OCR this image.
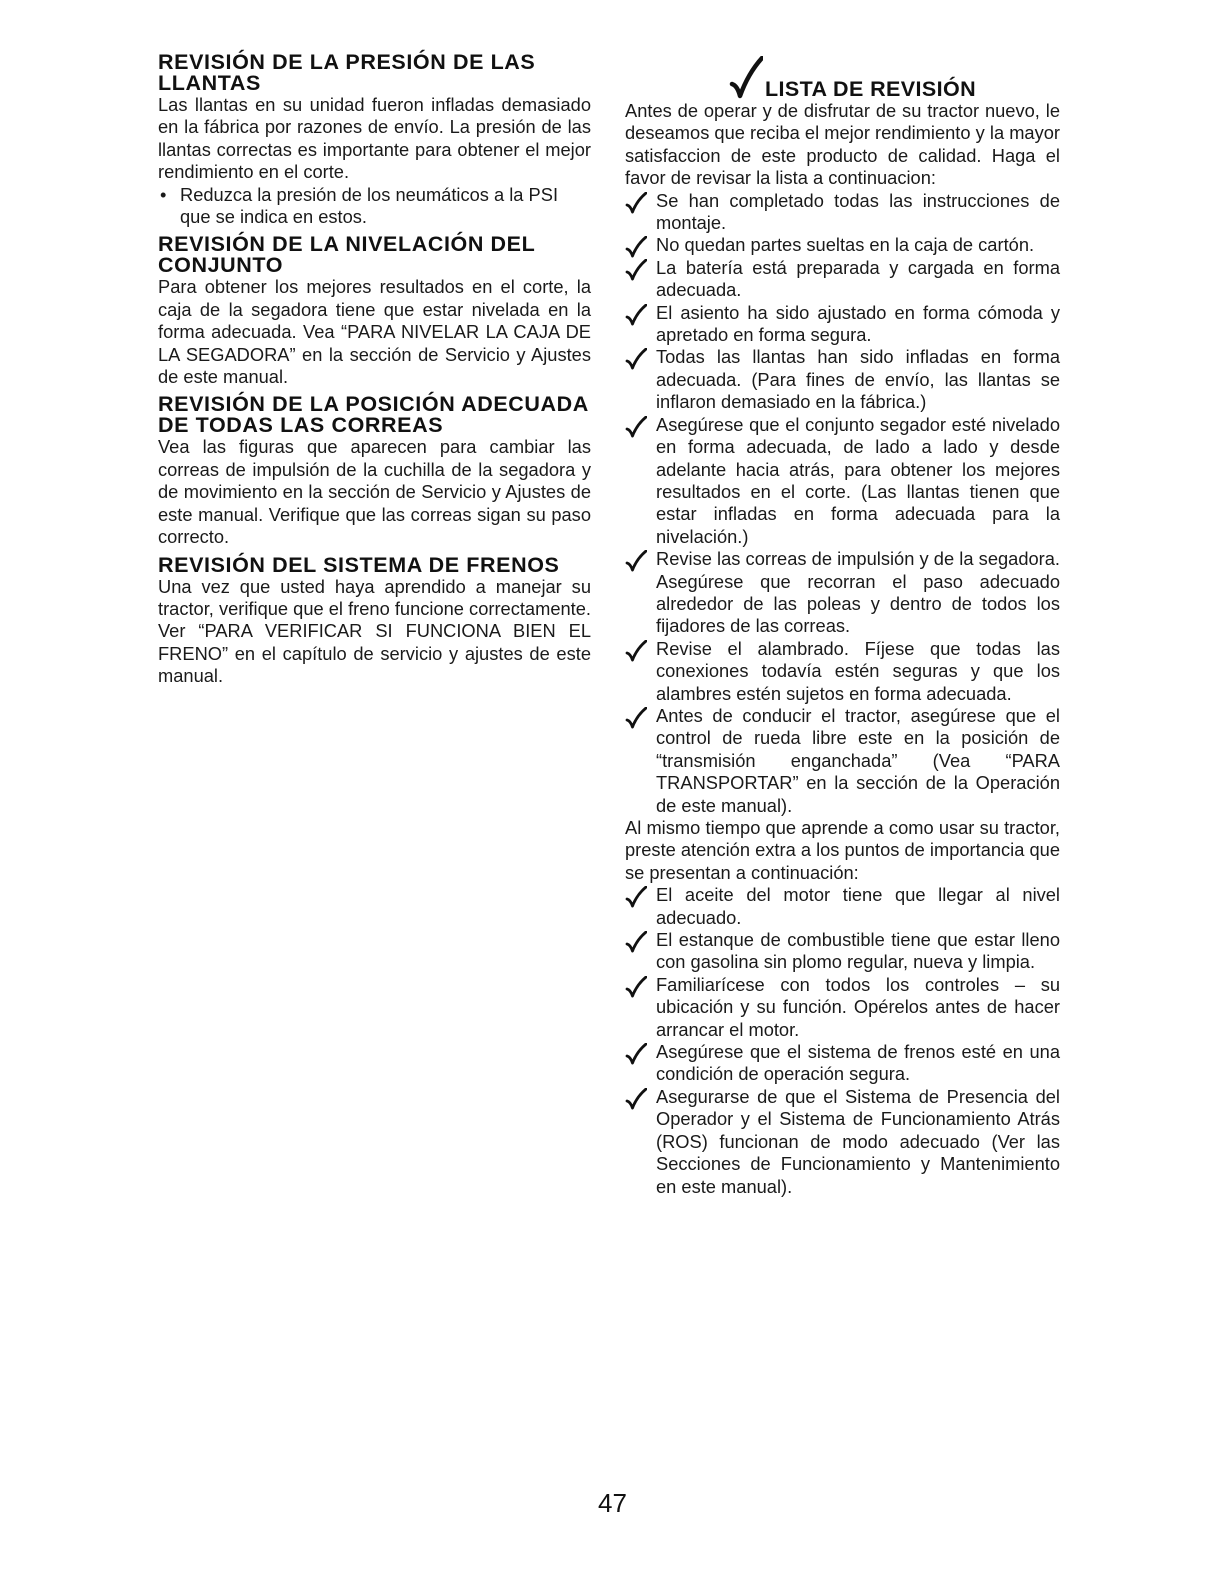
REVISIÓN DE LA PRESIÓN DE LAS LLANTAS

Las llantas en su unidad fueron infladas demasiado en la fábrica por razones de envío. La presión de las llantas correctas es importante para obtener el mejor rendimiento en el corte.

• Reduzca la presión de los neumáticos a la PSI que se indica en estos.
REVISIÓN DE LA NIVELACIÓN DEL CONJUNTO

Para obtener los mejores resultados en el corte, la caja de la segadora tiene que estar nivelada en la forma adecuada. Vea “PARA NIVELAR LA CAJA DE LA SEGADORA” en la sección de Servicio y Ajustes de este manual.

REVISIÓN DE LA POSICIÓN ADECUADA DE TODAS LAS CORREAS

Vea las figuras que aparecen para cambiar las correas de impulsión de la cuchilla de la segadora y de movimiento en la sección de Servicio y Ajustes de este manual. Verifique que las correas sigan su paso correcto.

REVISIÓN DEL SISTEMA DE FRENOS

Una vez que usted haya aprendido a manejar su tractor, verifique que el freno funcione correctamente. Ver “PARA VERIFICAR SI FUNCIONA BIEN EL FRENO” en el capítulo de servicio y ajustes de este manual.

LISTA DE REVISIÓN

Antes de operar y de disfrutar de su tractor nuevo, le deseamos que reciba el mejor rendimiento y la mayor satisfaccion de este producto de calidad. Haga el favor de revisar la lista a continuacion:

Se han completado todas las instrucciones de montaje.

No quedan partes sueltas en la caja de cartón.

La batería está preparada y cargada en forma adecuada.

El asiento ha sido ajustado en forma cómoda y apretado en forma segura.

Todas las llantas han sido infladas en forma adecuada. (Para fines de envío, las llantas se inflaron demasiado en la fábrica.)

Asegúrese que el conjunto segador esté nivelado en forma adecuada, de lado a lado y desde adelante hacia atrás, para obtener los mejores resultados en el corte. (Las llantas tienen que estar infladas en forma adecuada para la nivelación.)

Revise las correas de impulsión y de la segadora. Asegúrese que recorran el paso adecuado alrededor de las poleas y dentro de todos los fijadores de las correas.

Revise el alambrado. Fíjese que todas las conexiones todavía estén seguras y que los alambres estén sujetos en forma adecuada.

Antes de conducir el tractor, asegúrese que el control de rueda libre este en la posición de “transmisión enganchada” (Vea “PARA TRANSPORTAR” en la sección de la Operación de este manual).

Al mismo tiempo que aprende a como usar su tractor, preste atención extra a los puntos de importancia que se presentan a continuación:

El aceite del motor tiene que llegar al nivel adecuado.

El estanque de combustible tiene que estar lleno con gasolina sin plomo regular, nueva y limpia.

Familiarícese con todos los controles – su ubicación y su función. Opérelos antes de hacer arrancar el motor.

Asegúrese que el sistema de frenos esté en una condición de operación segura.

Asegurarse de que el Sistema de Presencia del Operador y el Sistema de Funcionamiento Atrás (ROS) funcionan de modo adecuado (Ver las Secciones de Funcionamiento y Mantenimiento en este manual).

47
